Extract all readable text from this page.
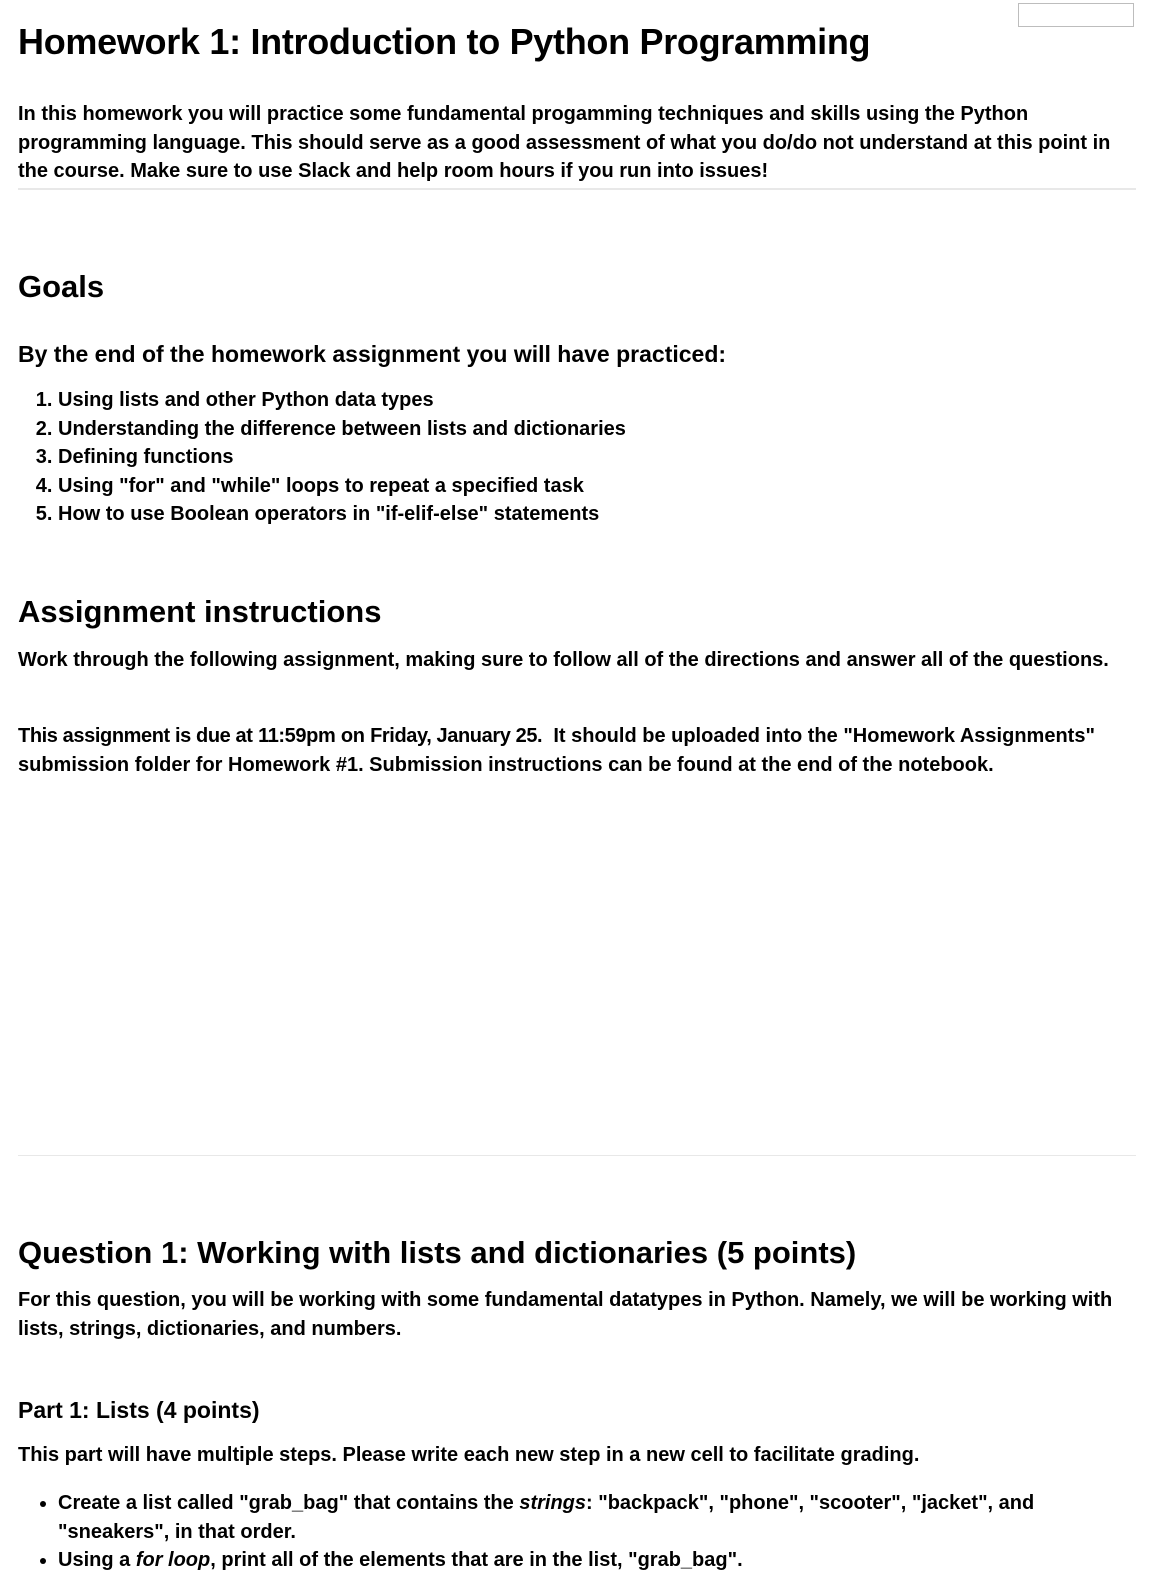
Homework 1: Introduction to Python Programming

In this homework you will practice some fundamental progamming techniques and skills using the Python programming language. This should serve as a good assessment of what you do/do not understand at this point in the course. Make sure to use Slack and help room hours if you run into issues!

Goals
By the end of the homework assignment you will have practiced:
1. Using lists and other Python data types
2. Understanding the difference between lists and dictionaries
3. Defining functions
4. Using "for" and "while" loops to repeat a specified task
5. How to use Boolean operators in "if-elif-else" statements
Assignment instructions

Work through the following assignment, making sure to follow all of the directions and answer all of the questions.

This assignment is due at 11:59pm on Friday, January 25. It should be uploaded into the "Homework Assignments" submission folder for Homework #1. Submission instructions can be found at the end of the notebook.

Question 1: Working with lists and dictionaries (5 points)

For this question, you will be working with some fundamental datatypes in Python. Namely, we will be working with lists, strings, dictionaries, and numbers.

Part 1: Lists (4 points)

This part will have multiple steps. Please write each new step in a new cell to facilitate grading.

• Create a list called "grab_bag" that contains the strings: "backpack", "phone", "scooter", "jacket", and "sneakers", in that order.
• Using a for loop, print all of the elements that are in the list, "grab_bag".
